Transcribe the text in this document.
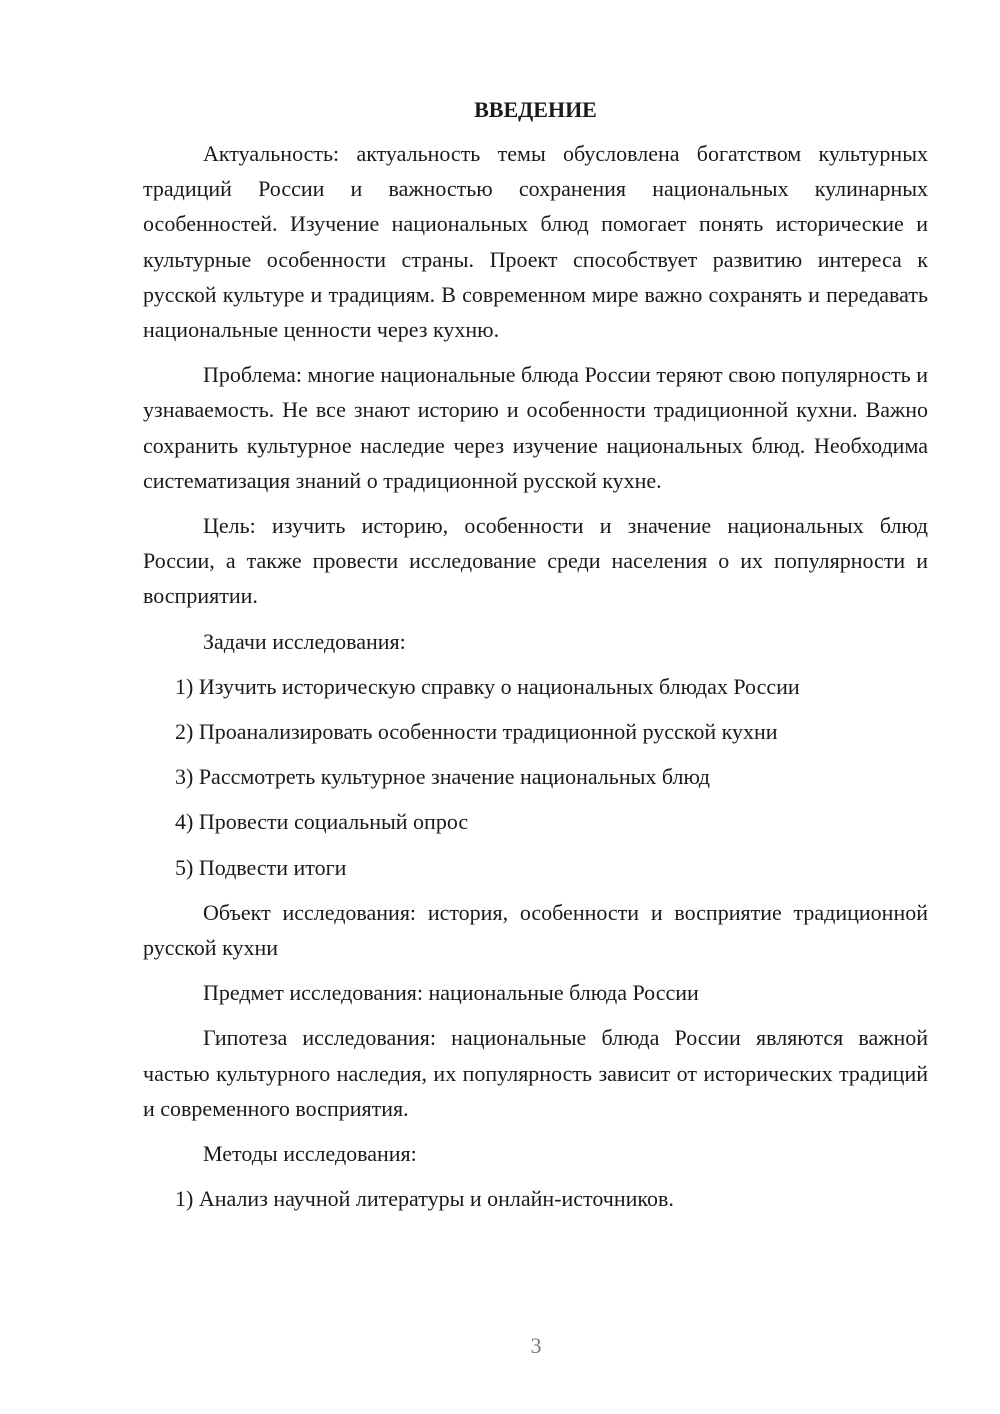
ВВЕДЕНИЕ

Актуальность: актуальность темы обусловлена богатством культурных традиций России и важностью сохранения национальных кулинарных особенностей. Изучение национальных блюд помогает понять исторические и культурные особенности страны. Проект способствует развитию интереса к русской культуре и традициям. В современном мире важно сохранять и передавать национальные ценности через кухню.

Проблема: многие национальные блюда России теряют свою популярность и узнаваемость. Не все знают историю и особенности традиционной кухни. Важно сохранить культурное наследие через изучение национальных блюд. Необходима систематизация знаний о традиционной русской кухне.

Цель: изучить историю, особенности и значение национальных блюд России, а также провести исследование среди населения о их популярности и восприятии.

Задачи исследования:
1) Изучить историческую справку о национальных блюдах России
2) Проанализировать особенности традиционной русской кухни
3) Рассмотреть культурное значение национальных блюд
4) Провести социальный опрос
5) Подвести итоги

Объект исследования: история, особенности и восприятие традиционной русской кухни

Предмет исследования: национальные блюда России

Гипотеза исследования: национальные блюда России являются важной частью культурного наследия, их популярность зависит от исторических традиций и современного восприятия.

Методы исследования:
1) Анализ научной литературы и онлайн-источников.
3
